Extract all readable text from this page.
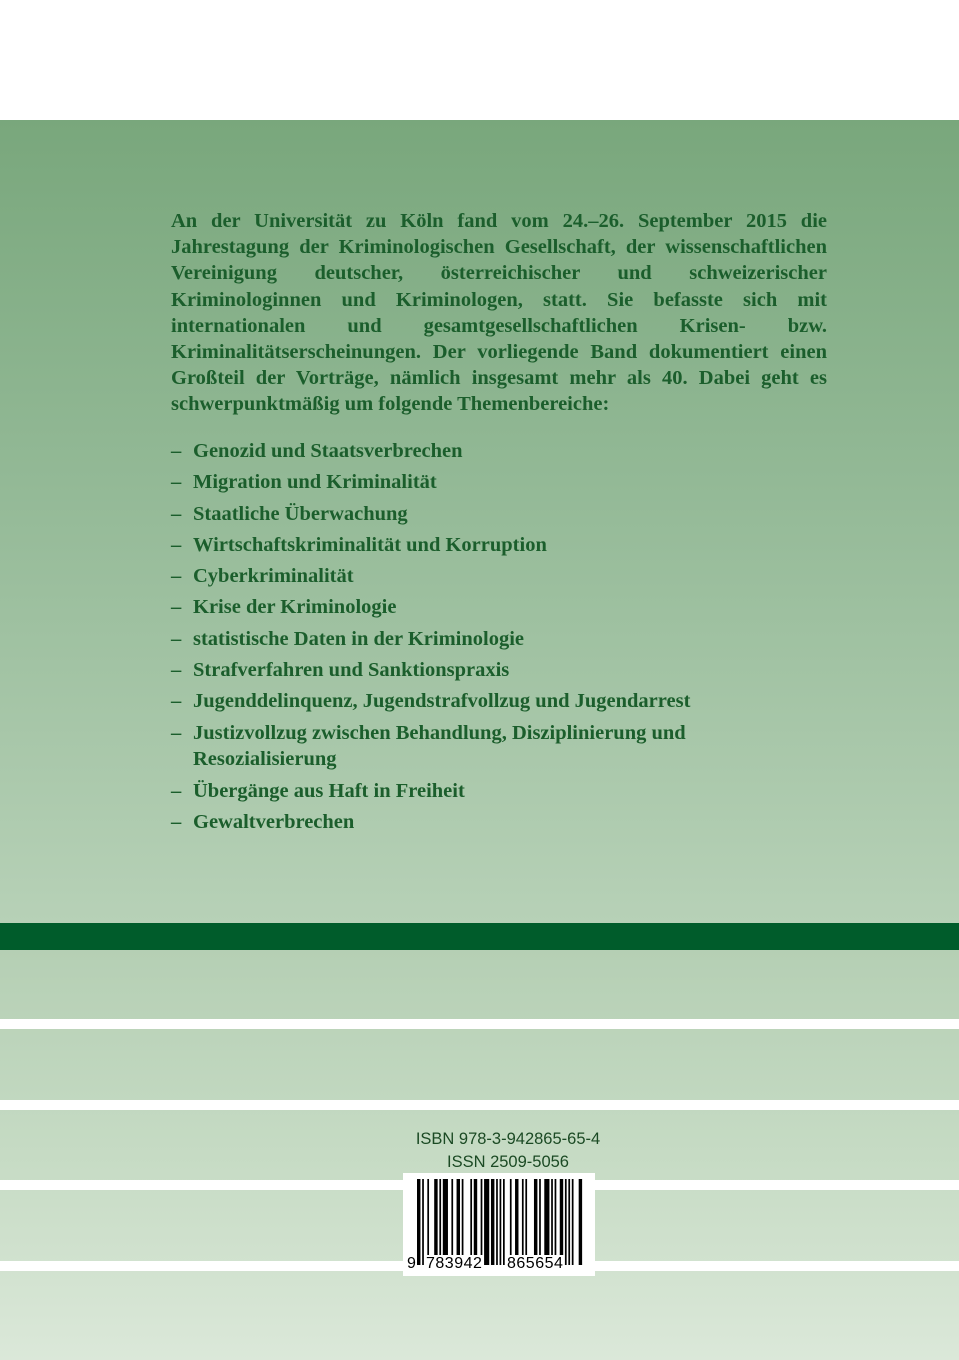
An der Universität zu Köln fand vom 24.–26. September 2015 die Jahrestagung der Kriminologischen Gesellschaft, der wissenschaftlichen Vereinigung deutscher, österreichischer und schweizerischer Kriminologinnen und Kriminologen, statt. Sie befasste sich mit internationalen und gesamtgesellschaftlichen Krisen- bzw. Kriminalitätserscheinungen. Der vorliegende Band dokumentiert einen Großteil der Vorträge, nämlich insgesamt mehr als 40. Dabei geht es schwerpunktmäßig um folgende Themenbereiche:

– Genozid und Staatsverbrechen
– Migration und Kriminalität
– Staatliche Überwachung
– Wirtschaftskriminalität und Korruption
– Cyberkriminalität
– Krise der Kriminologie
– statistische Daten in der Kriminologie
– Strafverfahren und Sanktionspraxis
– Jugenddelinquenz, Jugendstrafvollzug und Jugendarrest
– Justizvollzug zwischen Behandlung, Disziplinierung und Resozialisierung
– Übergänge aus Haft in Freiheit
– Gewaltverbrechen
ISBN 978-3-942865-65-4
ISSN 2509-5056
9 783942 865654
